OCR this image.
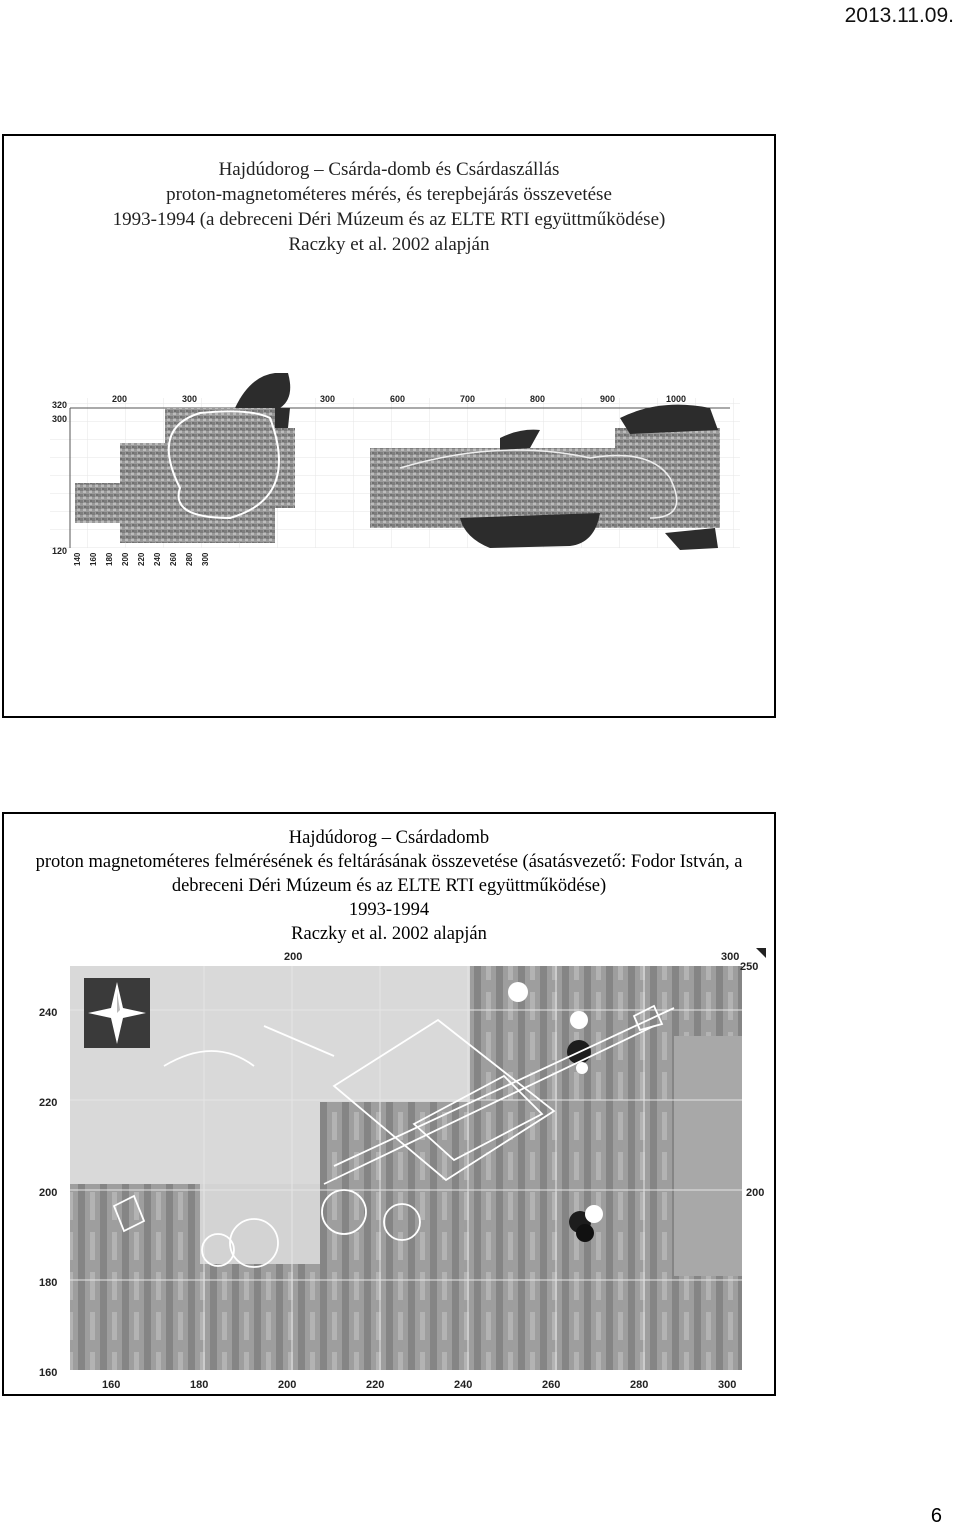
2013.11.09.
Hajdúdorog – Csárda-domb és Csárdaszállás
proton-magnetométeres mérés, és terepbejárás összevetése
1993-1994 (a debreceni Déri Múzeum és az ELTE RTI együttműködése)
Raczky et al. 2002 alapján
320
300
200	300	300	600	700	800	900	1000
120
140 160 180 200 220 240 260 280 300
Hajdúdorog – Csárdadomb
proton magnetométeres felmérésének és feltárásának összevetése (ásatásvezető: Fodor István, a debreceni Déri Múzeum és az ELTE RTI együttműködése)
1993-1994
Raczky et al. 2002 alapján
200	300
250
240
220
200
180
160
200
160	180	200	220	240	260	280	300
6
